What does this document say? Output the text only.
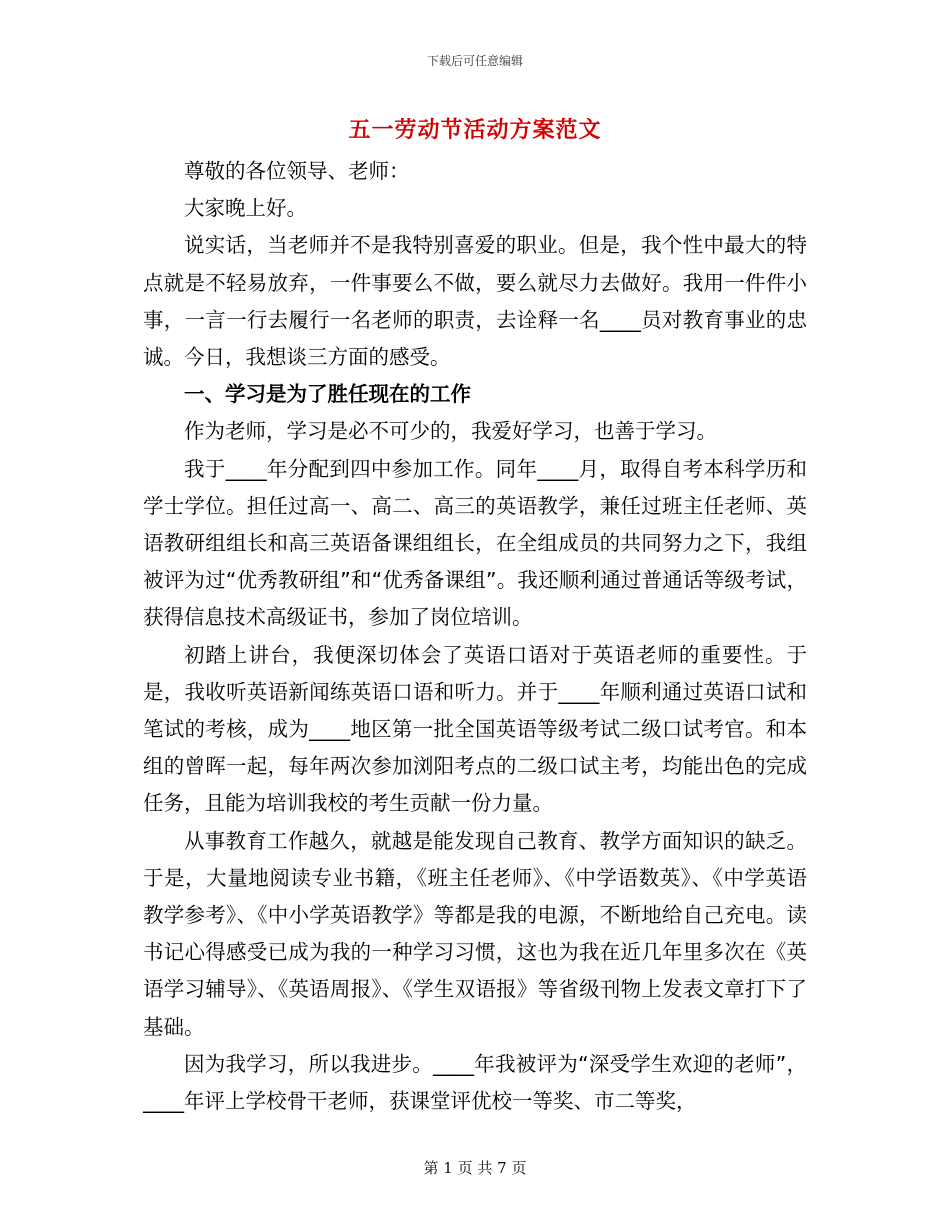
下载后可任意编辑
五一劳动节活动方案范文

尊敬的各位领导、老师：

大家晚上好。

说实话，当老师并不是我特别喜爱的职业。但是，我个性中最大的特点就是不轻易放弃，一件事要么不做，要么就尽力去做好。我用一件件小事，一言一行去履行一名老师的职责，去诠释一名____员对教育事业的忠诚。今日，我想谈三方面的感受。

一、学习是为了胜任现在的工作

作为老师，学习是必不可少的，我爱好学习，也善于学习。

我于____年分配到四中参加工作。同年____月，取得自考本科学历和学士学位。担任过高一、高二、高三的英语教学，兼任过班主任老师、英语教研组组长和高三英语备课组组长，在全组成员的共同努力之下，我组被评为过“优秀教研组”和“优秀备课组”。我还顺利通过普通话等级考试，获得信息技术高级证书，参加了岗位培训。

初踏上讲台，我便深切体会了英语口语对于英语老师的重要性。于是，我收听英语新闻练英语口语和听力。并于____年顺利通过英语口试和笔试的考核，成为____地区第一批全国英语等级考试二级口试考官。和本组的曾晖一起，每年两次参加浏阳考点的二级口试主考，均能出色的完成任务，且能为培训我校的考生贡献一份力量。

从事教育工作越久，就越是能发现自己教育、教学方面知识的缺乏。于是，大量地阅读专业书籍，《班主任老师》、《中学语数英》、《中学英语教学参考》、《中小学英语教学》等都是我的电源，不断地给自己充电。读书记心得感受已成为我的一种学习习惯，这也为我在近几年里多次在《英语学习辅导》、《英语周报》、《学生双语报》等省级刊物上发表文章打下了基础。

因为我学习，所以我进步。____年我被评为“深受学生欢迎的老师”，____年评上学校骨干老师，获课堂评优校一等奖、市二等奖，

第 1 页 共 7 页
